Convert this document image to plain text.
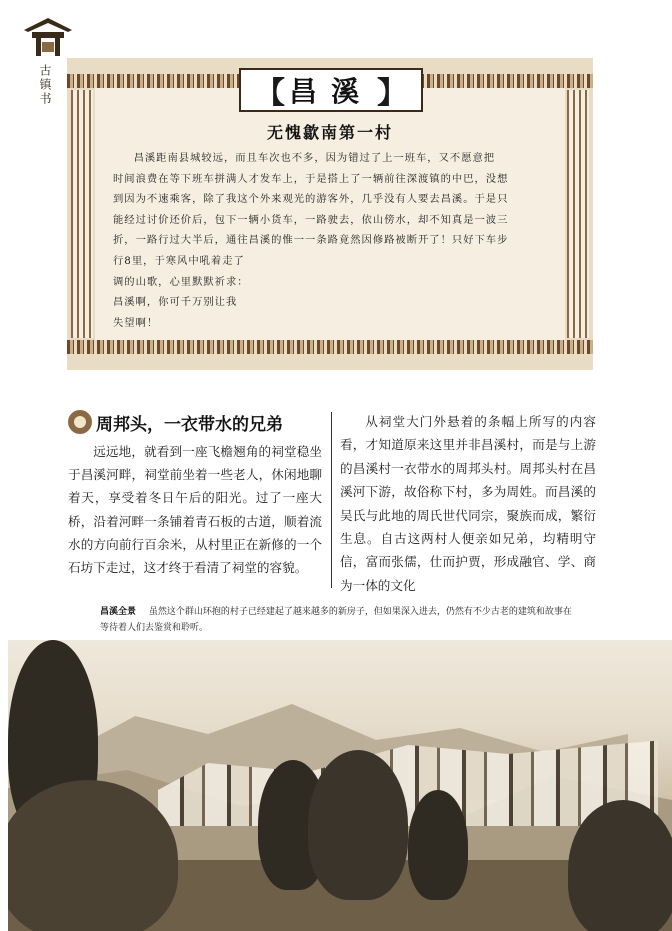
古镇书	【 昌溪 】
无愧歙南第一村
昌溪距南县城较远，而且车次也不多，因为错过了上一班车，又不愿意把
时间浪费在等下班车拼满人才发车上，于是搭上了一辆前往深渡镇的中巴，没想
到因为不速乘客，除了我这个外来观光的游客外，几乎没有人要去昌溪。于是只
能经过讨价还价后，包下一辆小货车，一路驶去，依山傍水，却不知真是一波三
折，一路行过大半后，通往昌溪的惟一一条路竟然因修路被断开了！只好下车步
行8里，于寒风中吼着走了
调的山歌，心里默默祈求：
昌溪啊，你可千万别让我
失望啊！
周邦头，一衣带水的兄弟

远远地，就看到一座飞檐翘角的祠堂稳坐于昌溪河畔，祠堂前坐着一些老人，休闲地聊着天，享受着冬日午后的阳光。过了一座大桥，沿着河畔一条铺着青石板的古道，顺着流水的方向前行百余米，从村里正在新修的一个石坊下走过，这才终于看清了祠堂的容貌。

从祠堂大门外悬着的条幅上所写的内容看，才知道原来这里并非昌溪村，而是与上游的昌溪村一衣带水的周邦头村。周邦头村在昌溪河下游，故俗称下村，多为周姓。而昌溪的吴氏与此地的周氏世代同宗，聚族而成，繁衍生息。自古这两村人便亲如兄弟，均精明守信，富而张儒，仕而护贾，形成融官、学、商为一体的文化

昌溪全景 虽然这个群山环抱的村子已经建起了越来越多的新房子，但如果深入进去，仍然有不少古老的建筑和故事在等待着人们去鉴赏和聆听。
